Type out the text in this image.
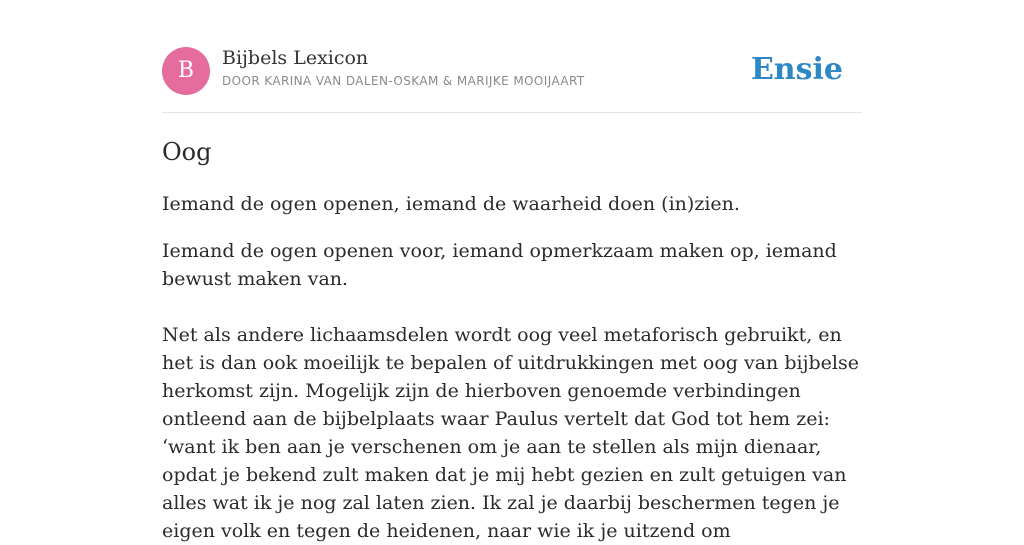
B	Bijbels Lexicon
DOOR KARINA VAN DALEN-OSKAM & MARIJKE MOOIJAART	Ensie
Oog

Iemand de ogen openen, iemand de waarheid doen (in)zien.

Iemand de ogen openen voor, iemand opmerkzaam maken op, iemand bewust maken van.

Net als andere lichaamsdelen wordt oog veel metaforisch gebruikt, en het is dan ook moeilijk te bepalen of uitdrukkingen met oog van bijbelse herkomst zijn. Mogelijk zijn de hierboven genoemde verbindingen ontleend aan de bijbelplaats waar Paulus vertelt dat God tot hem zei: ‘want ik ben aan je verschenen om je aan te stellen als mijn dienaar, opdat je bekend zult maken dat je mij hebt gezien en zult getuigen van alles wat ik je nog zal laten zien. Ik zal je daarbij beschermen tegen je eigen volk en tegen de heidenen, naar wie ik je uitzend om
